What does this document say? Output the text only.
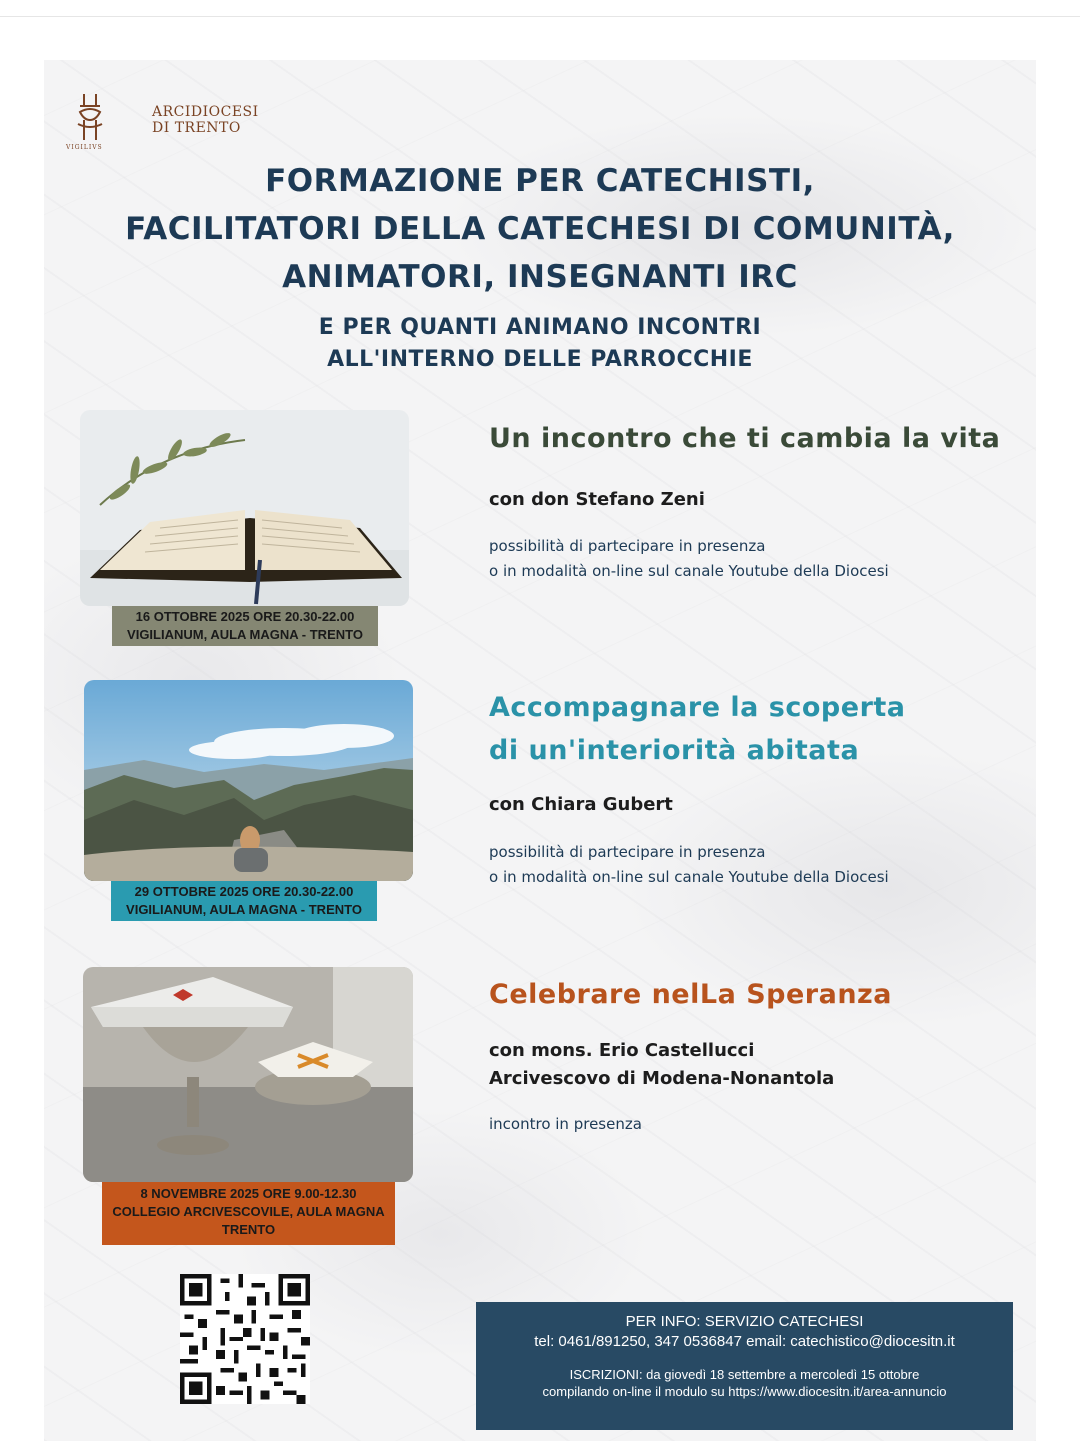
ARCIDIOCESI
DI TRENTO
VIGILIVS
FORMAZIONE PER CATECHISTI,
FACILITATORI DELLA CATECHESI DI COMUNITÀ,
ANIMATORI, INSEGNANTI IRC
E PER QUANTI ANIMANO INCONTRI
ALL'INTERNO DELLE PARROCCHIE
16 OTTOBRE 2025 ORE 20.30-22.00
VIGILIANUM, AULA MAGNA - TRENTO
Un incontro che ti cambia la vita
con don Stefano Zeni
possibilità di partecipare in presenza
o in modalità on-line sul canale Youtube della Diocesi
29 OTTOBRE 2025 ORE 20.30-22.00
VIGILIANUM, AULA MAGNA - TRENTO
Accompagnare la scoperta
di un'interiorità abitata
con Chiara Gubert
possibilità di partecipare in presenza
o in modalità on-line sul canale Youtube della Diocesi
8 NOVEMBRE 2025 ORE 9.00-12.30
COLLEGIO ARCIVESCOVILE, AULA MAGNA
TRENTO
Celebrare nelLa Speranza
con mons. Erio Castellucci
Arcivescovo di Modena-Nonantola
incontro in presenza
PER INFO: SERVIZIO CATECHESI
tel: 0461/891250, 347 0536847 email: catechistico@diocesitn.it
ISCRIZIONI: da giovedì 18 settembre a mercoledì 15 ottobre
compilando on-line il modulo su https://www.diocesitn.it/area-annuncio
